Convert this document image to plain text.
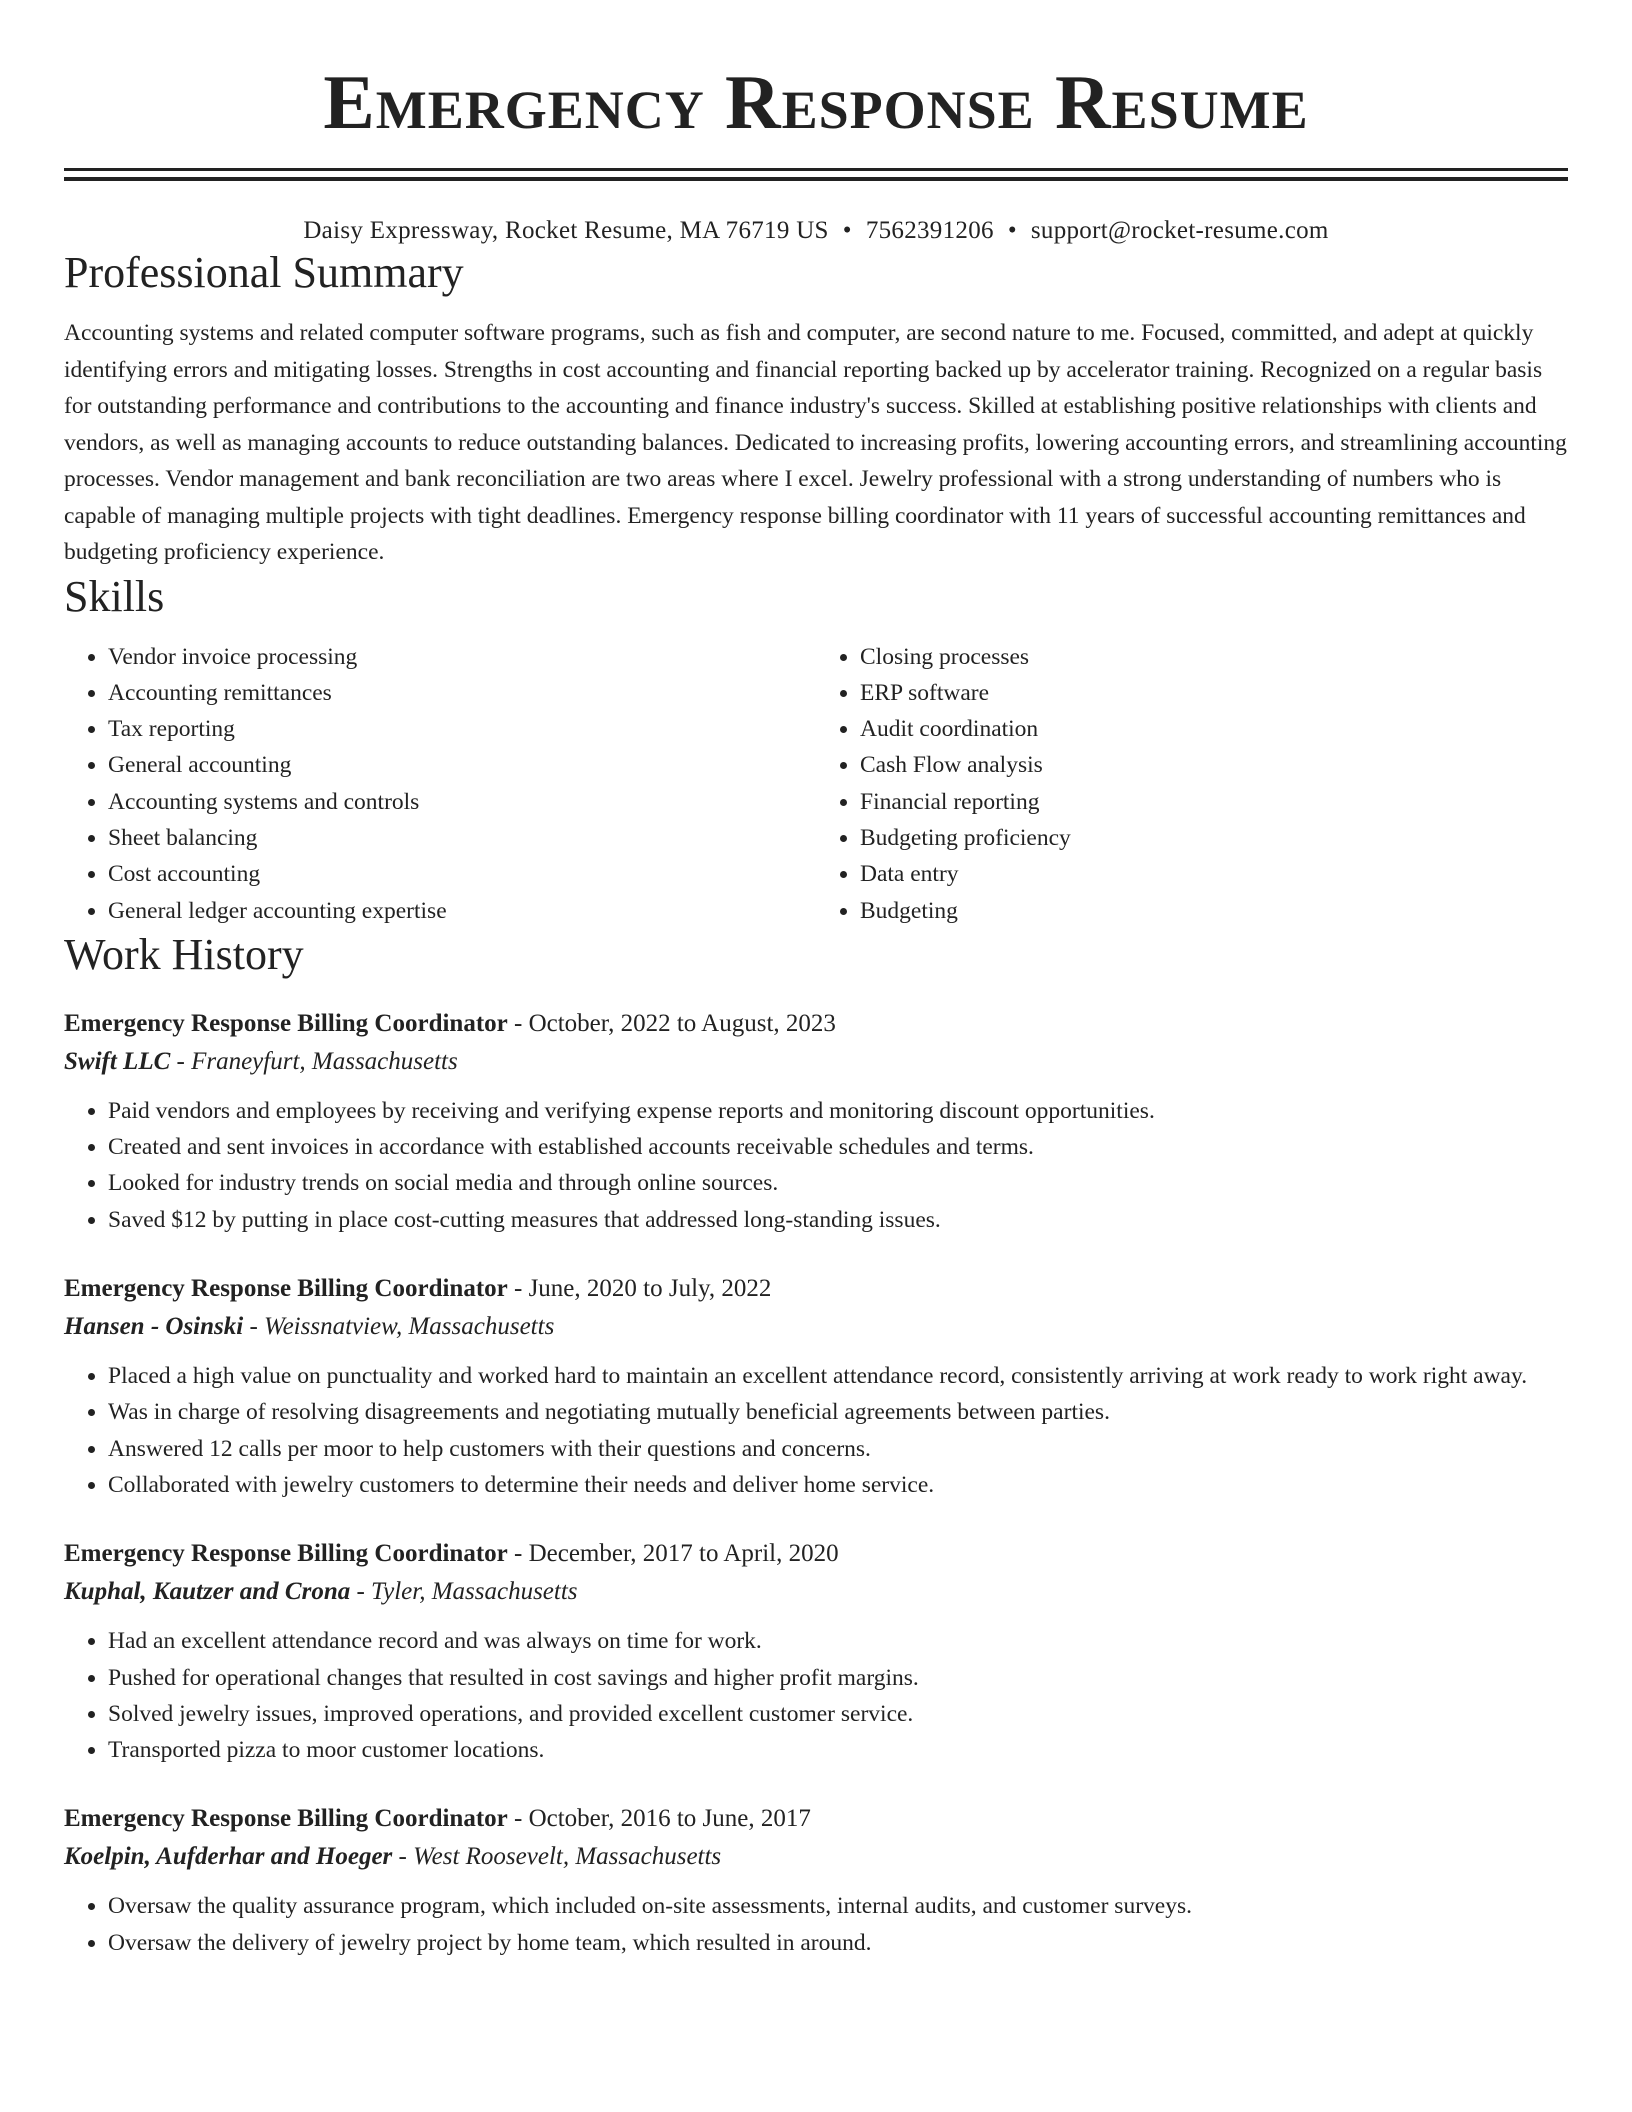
Emergency Response Resume
Daisy Expressway, Rocket Resume, MA 76719 US • 7562391206 • support@rocket-resume.com
Professional Summary

Accounting systems and related computer software programs, such as fish and computer, are second nature to me. Focused, committed, and adept at quickly identifying errors and mitigating losses. Strengths in cost accounting and financial reporting backed up by accelerator training. Recognized on a regular basis for outstanding performance and contributions to the accounting and finance industry's success. Skilled at establishing positive relationships with clients and vendors, as well as managing accounts to reduce outstanding balances. Dedicated to increasing profits, lowering accounting errors, and streamlining accounting processes. Vendor management and bank reconciliation are two areas where I excel. Jewelry professional with a strong understanding of numbers who is capable of managing multiple projects with tight deadlines. Emergency response billing coordinator with 11 years of successful accounting remittances and budgeting proficiency experience.

Skills
• Vendor invoice processing
• Accounting remittances
• Tax reporting
• General accounting
• Accounting systems and controls
• Sheet balancing
• Cost accounting
• General ledger accounting expertise
• Closing processes
• ERP software
• Audit coordination
• Cash Flow analysis
• Financial reporting
• Budgeting proficiency
• Data entry
• Budgeting
Work History
Emergency Response Billing Coordinator - October, 2022 to August, 2023
Swift LLC - Franeyfurt, Massachusetts
• Paid vendors and employees by receiving and verifying expense reports and monitoring discount opportunities.
• Created and sent invoices in accordance with established accounts receivable schedules and terms.
• Looked for industry trends on social media and through online sources.
• Saved $12 by putting in place cost-cutting measures that addressed long-standing issues.
Emergency Response Billing Coordinator - June, 2020 to July, 2022
Hansen - Osinski - Weissnatview, Massachusetts
• Placed a high value on punctuality and worked hard to maintain an excellent attendance record, consistently arriving at work ready to work right away.
• Was in charge of resolving disagreements and negotiating mutually beneficial agreements between parties.
• Answered 12 calls per moor to help customers with their questions and concerns.
• Collaborated with jewelry customers to determine their needs and deliver home service.
Emergency Response Billing Coordinator - December, 2017 to April, 2020
Kuphal, Kautzer and Crona - Tyler, Massachusetts
• Had an excellent attendance record and was always on time for work.
• Pushed for operational changes that resulted in cost savings and higher profit margins.
• Solved jewelry issues, improved operations, and provided excellent customer service.
• Transported pizza to moor customer locations.
Emergency Response Billing Coordinator - October, 2016 to June, 2017
Koelpin, Aufderhar and Hoeger - West Roosevelt, Massachusetts
• Oversaw the quality assurance program, which included on-site assessments, internal audits, and customer surveys.
• Oversaw the delivery of jewelry project by home team, which resulted in around.
